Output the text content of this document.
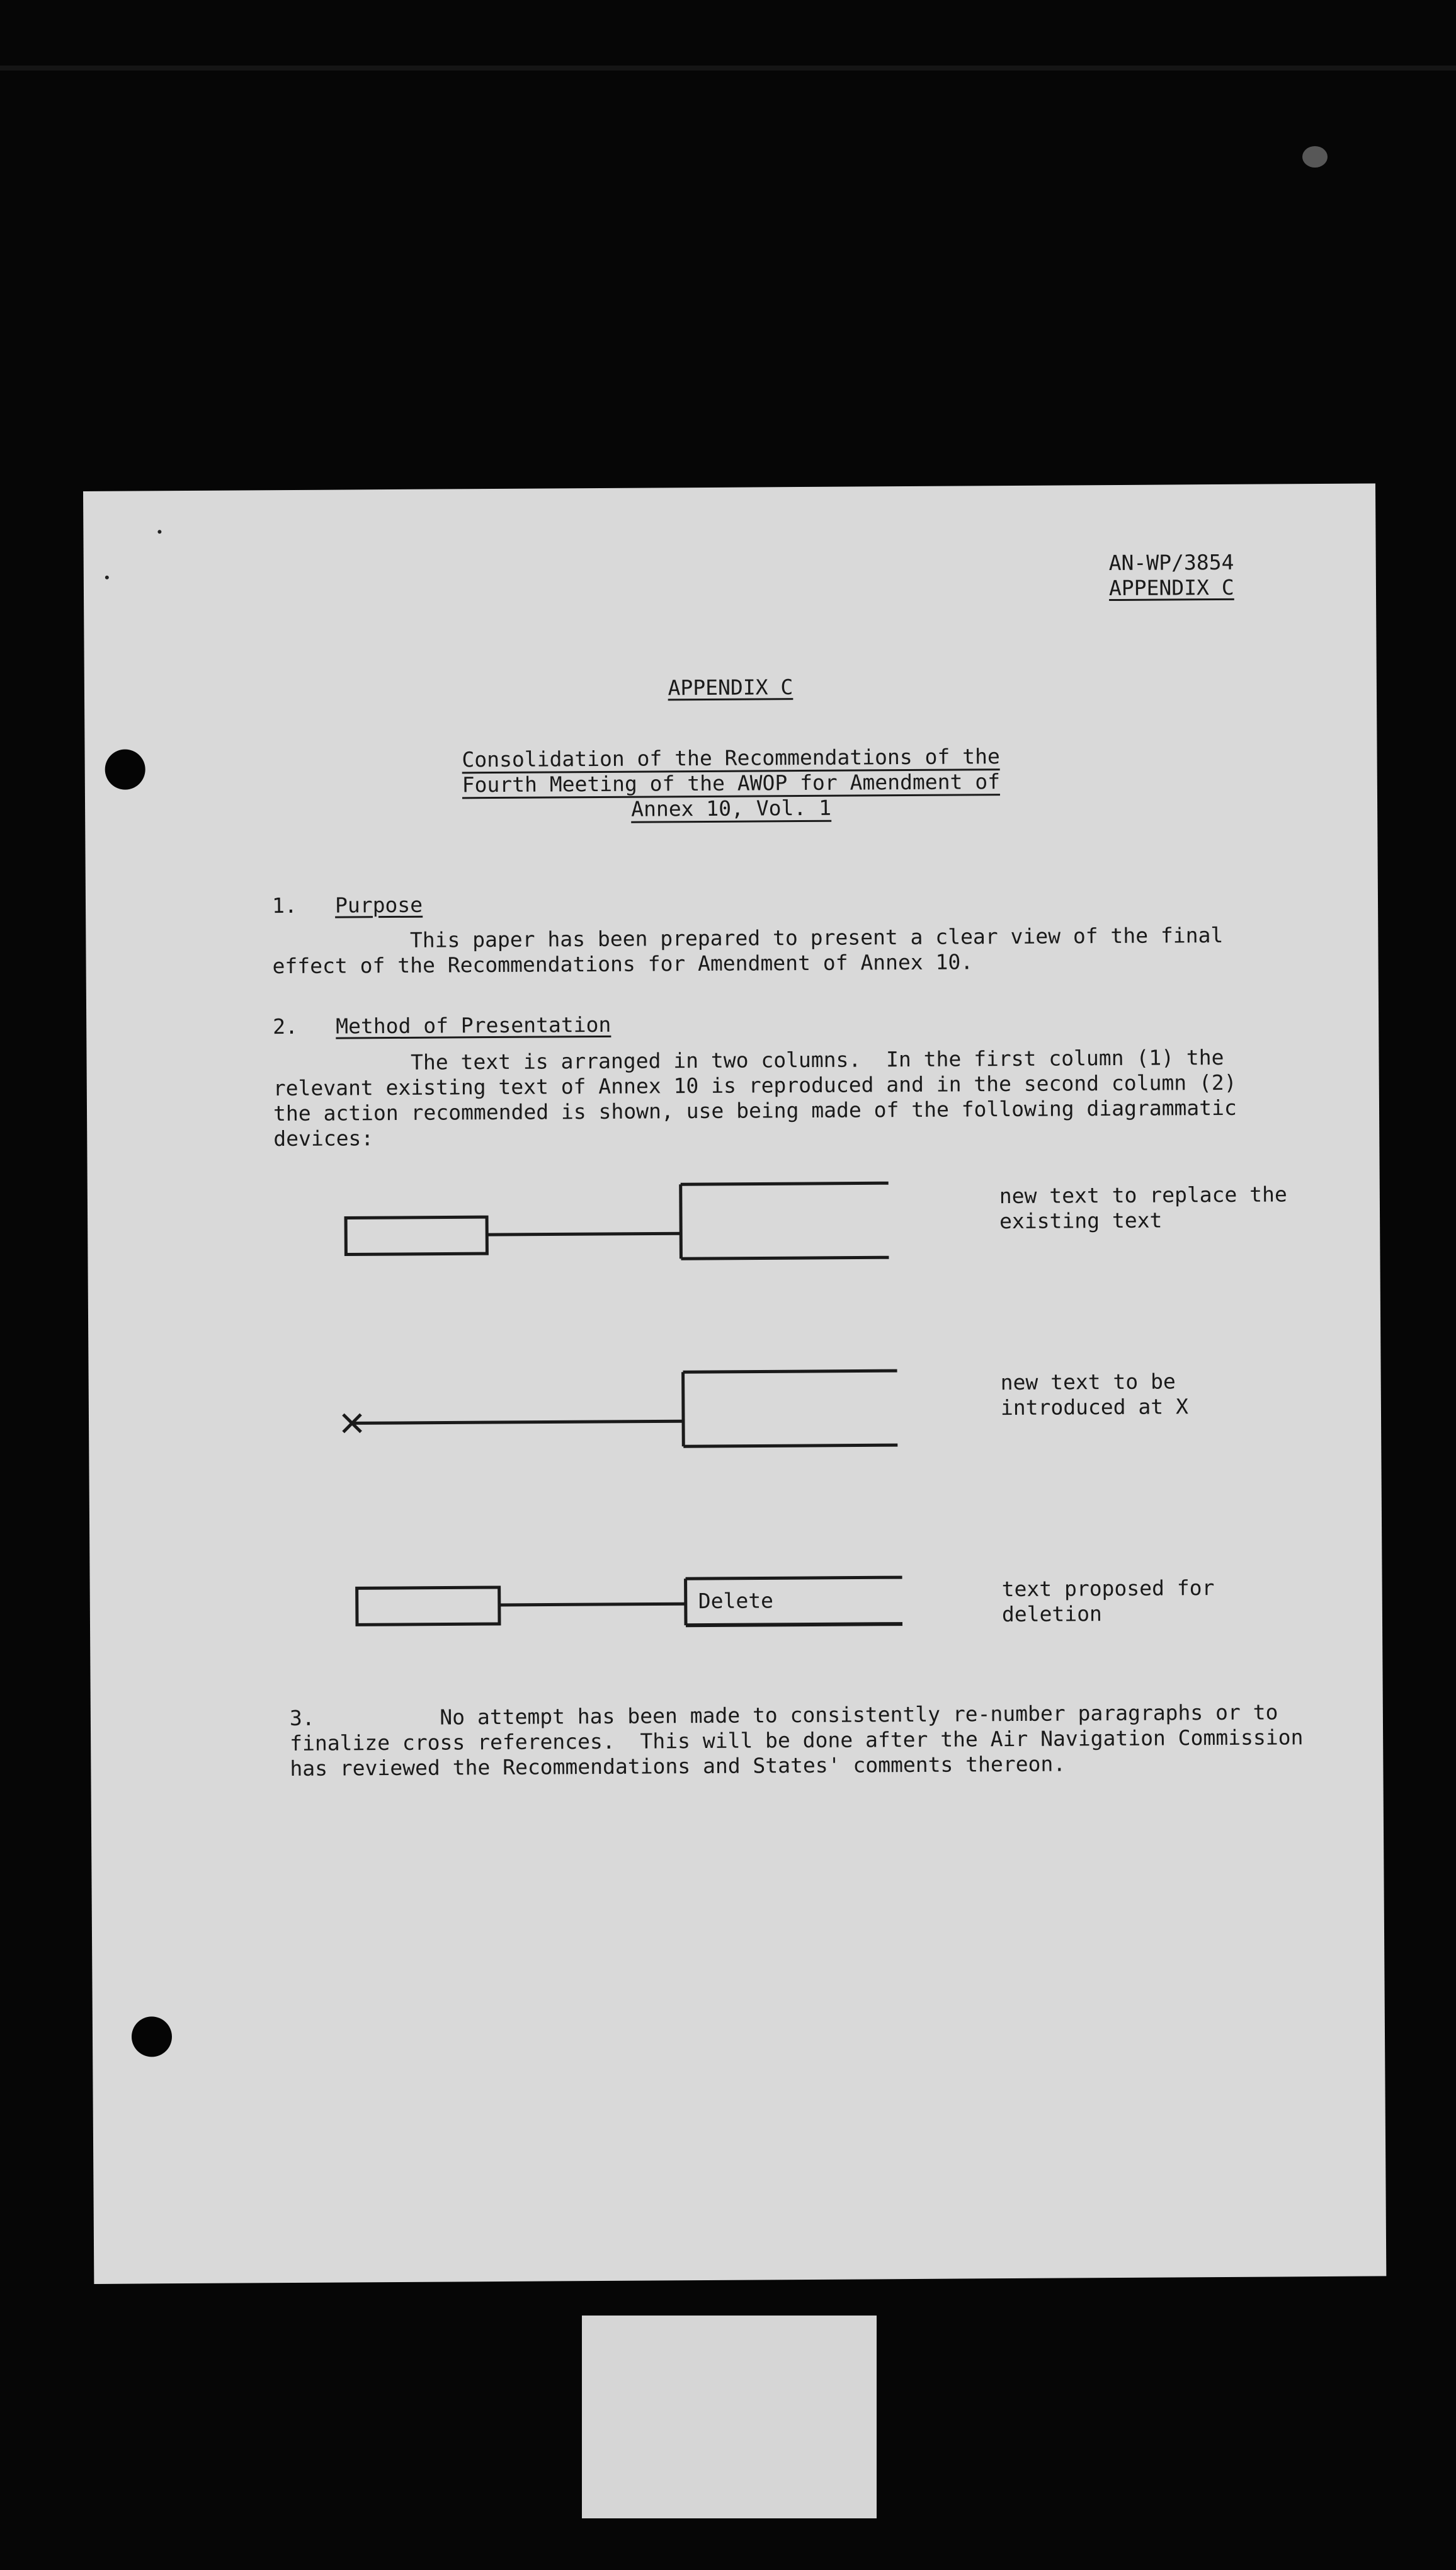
AN-WP/3854
APPENDIX C
APPENDIX C
Consolidation of the Recommendations of the
Fourth Meeting of the AWOP for Amendment of
Annex 10, Vol. 1
1. Purpose
This paper has been prepared to present a clear view of the final
effect of the Recommendations for Amendment of Annex 10.
2. Method of Presentation
The text is arranged in two columns.  In the first column (1) the
relevant existing text of Annex 10 is reproduced and in the second column (2)
the action recommended is shown, use being made of the following diagrammatic
devices:
Delete
new text to replace the
existing text
new text to be
introduced at X
text proposed for
deletion
3.          No attempt has been made to consistently re-number paragraphs or to
finalize cross references.  This will be done after the Air Navigation Commission
has reviewed the Recommendations and States' comments thereon.
